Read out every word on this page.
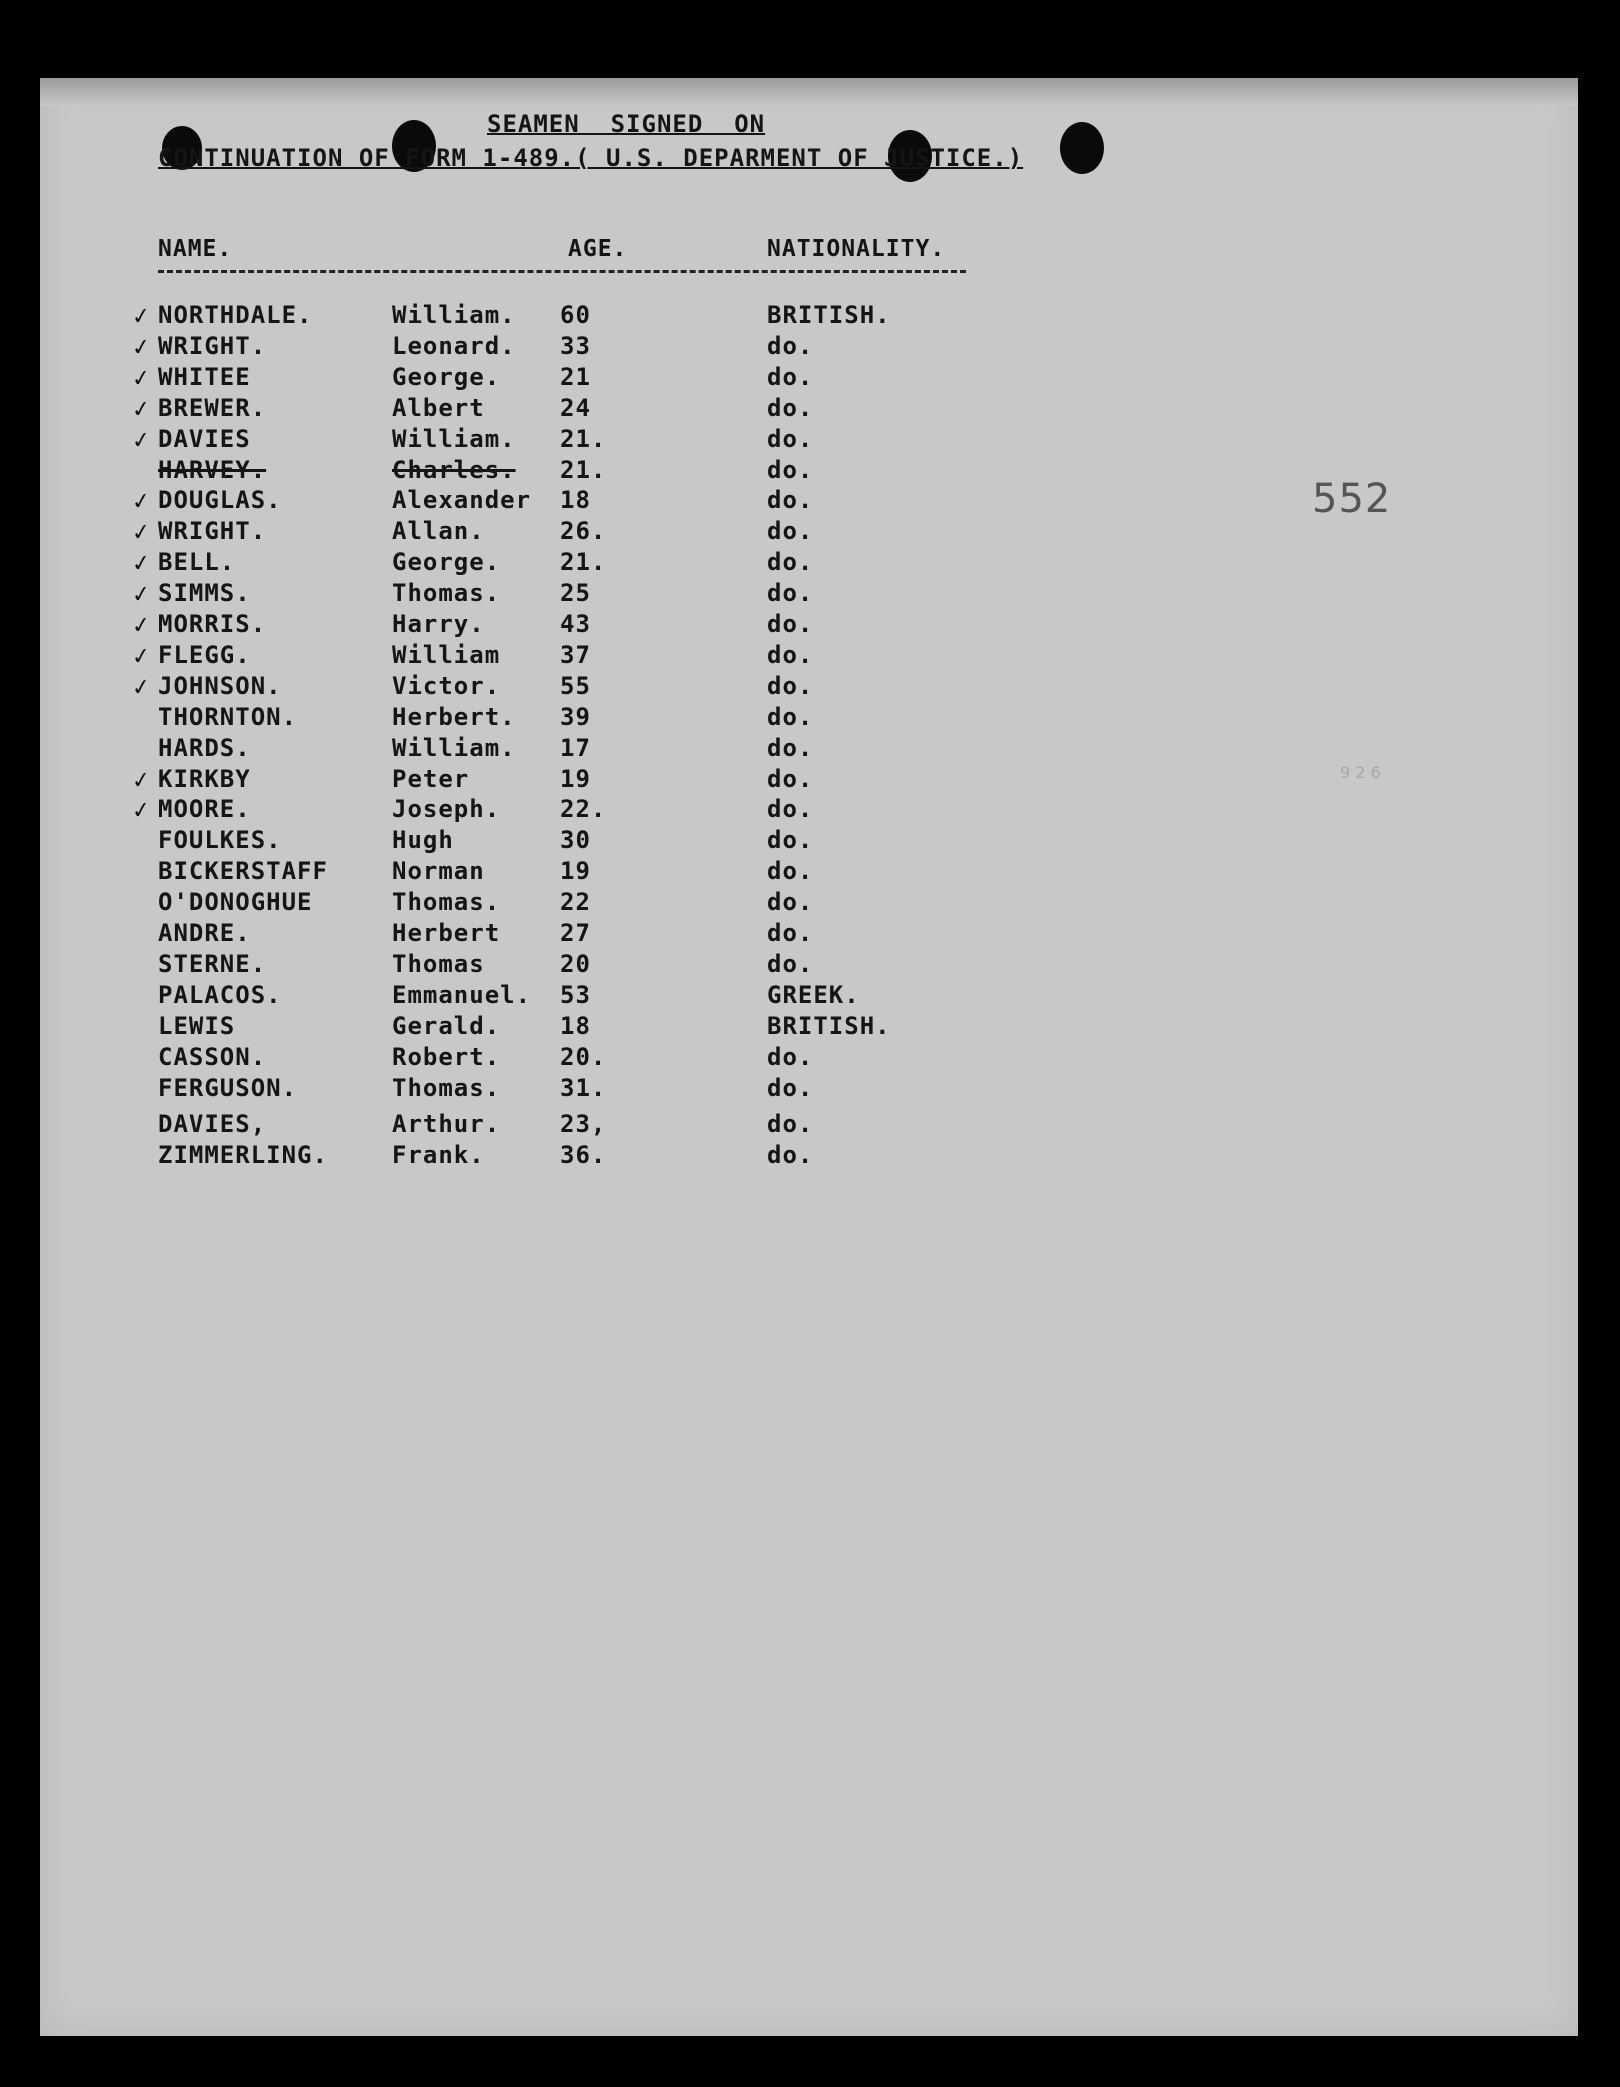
SEAMEN  SIGNED  ON
CONTINUATION OF FORM 1-489.( U.S. DEPARMENT OF JUSTICE.)
NAME.	AGE.	NATIONALITY.
552
9 2 6
✓ NORTHDALE.	William. 60	BRITISH.
✓ WRIGHT.	Leonard. 33	do.
✓ WHITEE	George. 21	do.
✓ BREWER.	Albert	24	do.
✓ DAVIES	William. 21.	do.
HARVEY.	Charles. 21.	do.
✓ DOUGLAS.	Alexander 18	do.
✓ WRIGHT.	Allan.	26.	do.
✓ BELL.	George. 21.	do.
✓ SIMMS.	Thomas. 25	do.
✓ MORRIS.	Harry.	43	do.
✓ FLEGG.	William 37	do.
✓ JOHNSON.	Victor. 55	do.
THORNTON.	Herbert. 39	do.
HARDS.	William. 17	do.
✓ KIRKBY	Peter	19	do.
✓ MOORE.	Joseph. 22.	do.
FOULKES.	Hugh	30	do.
BICKERSTAFF	Norman	19	do.
O'DONOGHUE	Thomas. 22	do.
ANDRE.	Herbert 27	do.
STERNE.	Thomas	20	do.
PALACOS.	Emmanuel. 53	GREEK.
LEWIS	Gerald. 18	BRITISH.
CASSON.	Robert. 20.	do.
FERGUSON.	Thomas. 31.	do.
DAVIES,	Arthur. 23,	do.
ZIMMERLING.	Frank.	36.	do.
